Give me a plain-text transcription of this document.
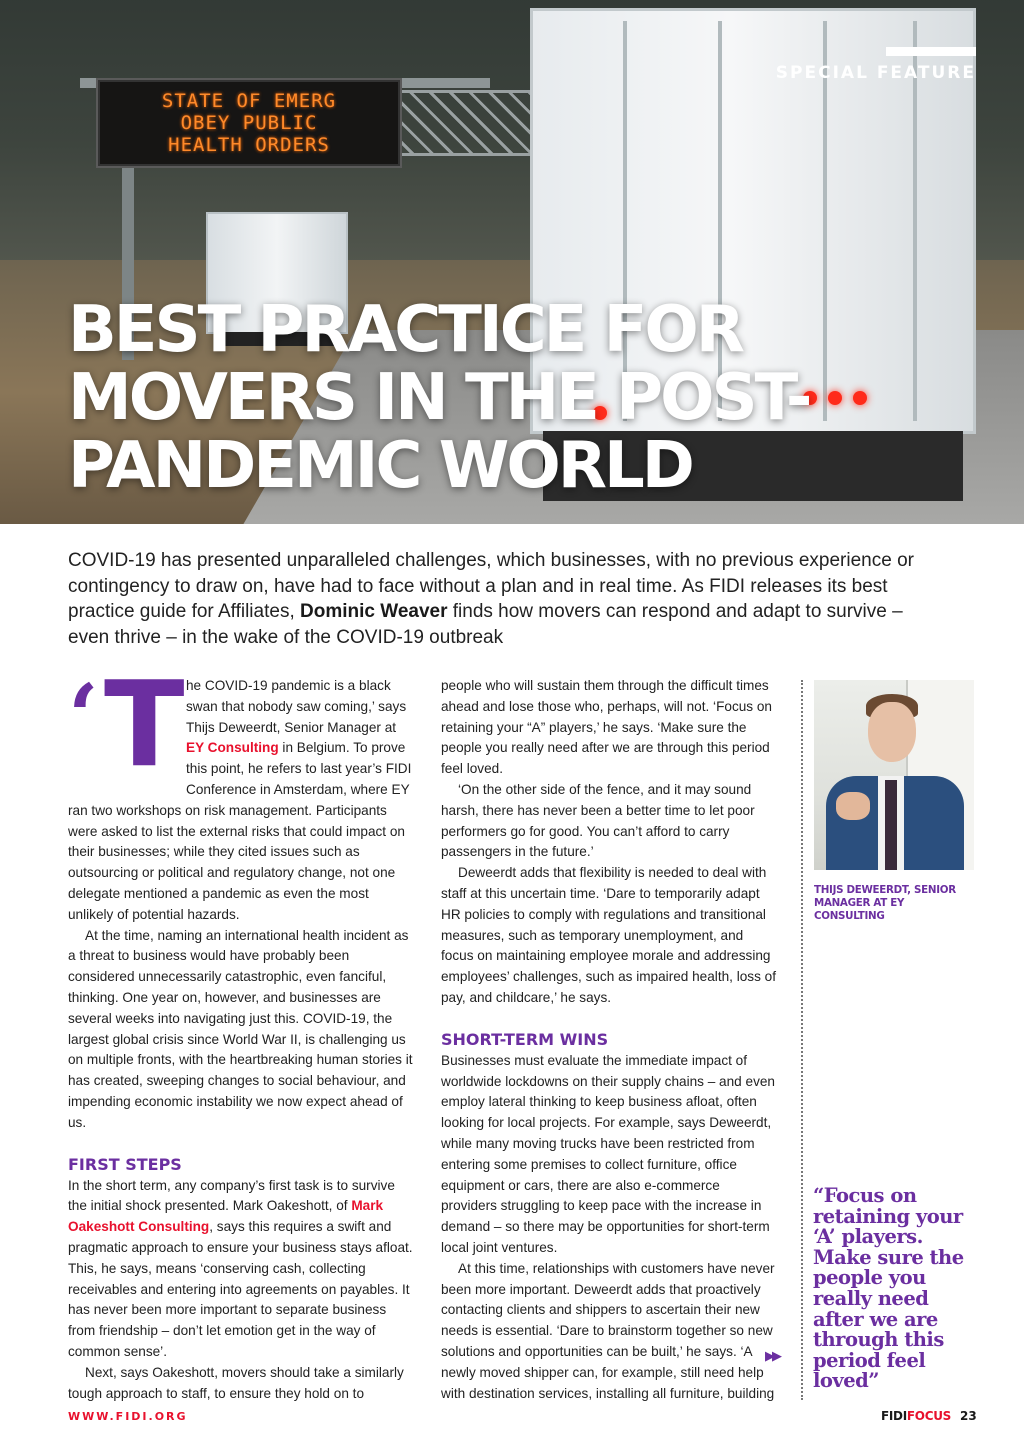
STATE OF EMERG
OBEY PUBLIC
HEALTH ORDERS
SPECIAL FEATURE
BEST PRACTICE FOR MOVERS IN THE POST-PANDEMIC WORLD

COVID-19 has presented unparalleled challenges, which businesses, with no previous experience or contingency to draw on, have had to face without a plan and in real time. As FIDI releases its best practice guide for Affiliates, Dominic Weaver finds how movers can respond and adapt to survive – even thrive – in the wake of the COVID-19 outbreak

‘ T he COVID-19 pandemic is a black swan that nobody saw coming,’ says Thijs Deweerdt, Senior Manager at EY Consulting in Belgium. To prove this point, he refers to last year’s FIDI Conference in Amsterdam, where EY ran two workshops on risk management. Participants were asked to list the external risks that could impact on their businesses; while they cited issues such as outsourcing or political and regulatory change, not one delegate mentioned a pandemic as even the most unlikely of potential hazards.

At the time, naming an international health incident as a threat to business would have probably been considered unnecessarily catastrophic, even fanciful, thinking. One year on, however, and businesses are several weeks into navigating just this. COVID-19, the largest global crisis since World War II, is challenging us on multiple fronts, with the heartbreaking human stories it has created, sweeping changes to social behaviour, and impending economic instability we now expect ahead of us.

FIRST STEPS

In the short term, any company’s first task is to survive the initial shock presented. Mark Oakeshott, of Mark Oakeshott Consulting, says this requires a swift and pragmatic approach to ensure your business stays afloat. This, he says, means ‘conserving cash, collecting receivables and entering into agreements on payables. It has never been more important to separate business from friendship – don’t let emotion get in the way of common sense’.

Next, says Oakeshott, movers should take a similarly tough approach to staff, to ensure they hold on to

people who will sustain them through the difficult times ahead and lose those who, perhaps, will not. ‘Focus on retaining your “A” players,’ he says. ‘Make sure the people you really need after we are through this period feel loved.

‘On the other side of the fence, and it may sound harsh, there has never been a better time to let poor performers go for good. You can’t afford to carry passengers in the future.’

Deweerdt adds that flexibility is needed to deal with staff at this uncertain time. ‘Dare to temporarily adapt HR policies to comply with regulations and transitional measures, such as temporary unemployment, and focus on maintaining employee morale and addressing employees’ challenges, such as impaired health, loss of pay, and childcare,’ he says.

SHORT-TERM WINS

Businesses must evaluate the immediate impact of worldwide lockdowns on their supply chains – and even employ lateral thinking to keep business afloat, often looking for local projects. For example, says Deweerdt, while many moving trucks have been restricted from entering some premises to collect furniture, office equipment or cars, there are also e-commerce providers struggling to keep pace with the increase in demand – so there may be opportunities for short-term local joint ventures.

At this time, relationships with customers have never been more important. Deweerdt adds that proactively contacting clients and shippers to ascertain their new needs is essential. ‘Dare to brainstorm together so new solutions and opportunities can be built,’ he says. ‘A newly moved shipper can, for example, still need help with destination services, installing all furniture, building

▶▶

THIJS DEWEERDT, SENIOR MANAGER AT EY CONSULTING

“Focus on retaining your ‘A’ players. Make sure the people you really need after we are through this period feel loved”

WWW.FIDI.ORG	FIDIFOCUS 23
